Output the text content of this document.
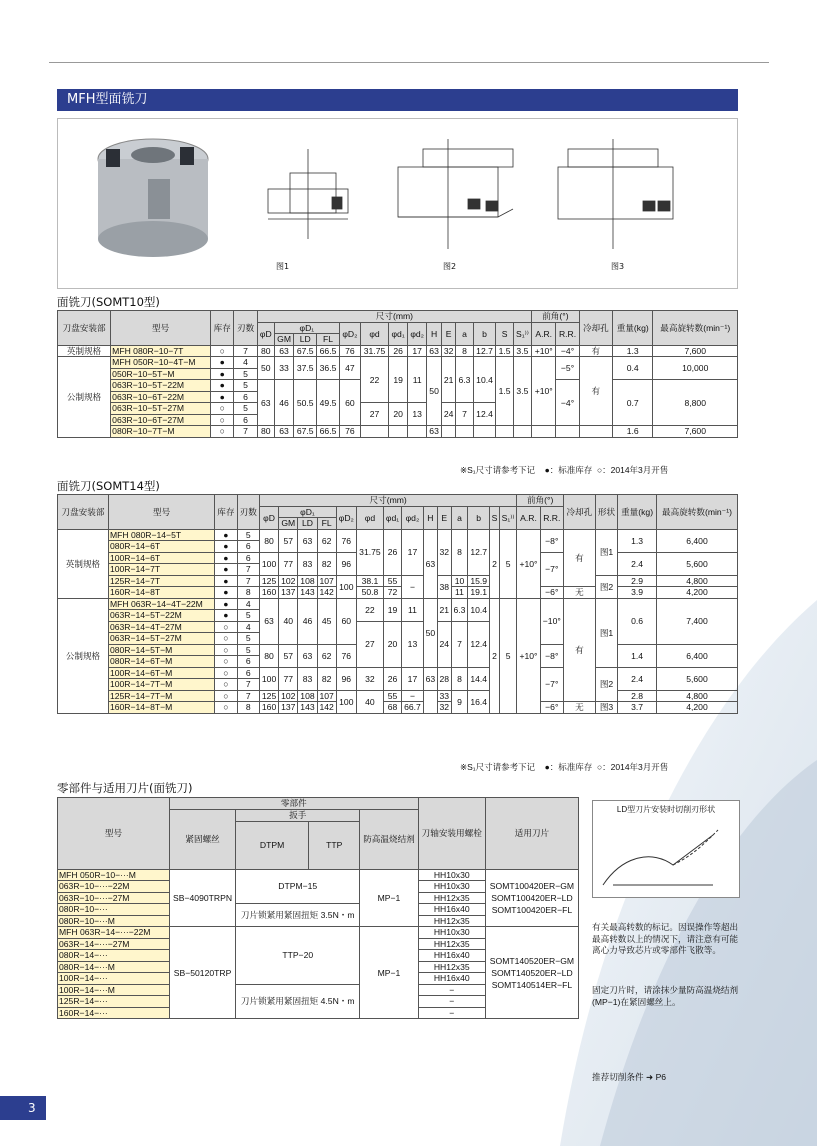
MFH型面铣刀
图1	图2	图3
面铣刀(SOMT10型)
刀盘安装部	型号	库存	刃数	尺寸(mm)														前角(°)		冷却孔	重量(kg)	最高旋转数(min⁻¹)
				φD	φD₁			φD₂	φd	φd₁	φd₂	H	E	a	b	S	S₁⁾⁾	A.R.	R.R.			
					GM	LD	FL															
英制规格	MFH 080R−10−7T	○	7	80	63	67.5	66.5	76	31.75	26	17	63	32	8	12.7	1.5	3.5	+10°	−4°	有	1.3	7,600
公制规格	MFH 050R−10−4T−M	●	4	50	33	37.5	36.5	47	22	19	11	50	21	6.3	10.4	1.5	3.5	+10°	−5°	有	0.4	10,000
	050R−10−5T−M	●	5																			
	063R−10−5T−22M	●	5	63	46	50.5	49.5	60											−4°		0.7	8,800
	063R−10−6T−22M	●	6																			
	063R−10−5T−27M	○	5						27	20	13		24	7	12.4							
	063R−10−6T−27M	○	6																			
	080R−10−7T−M	○	7	80	63	67.5	66.5	76				63									1.6	7,600
※S₁尺寸请参考下记 ●：标准库存 ○：2014年3月开售
面铣刀(SOMT14型)
刀盘安装部	型号	库存	刃数	尺寸(mm)														前角(°)		冷却孔	形状	重量(kg)	最高旋转数(min⁻¹)
				φD	φD₁			φD₂	φd	φd₁	φd₂	H	E	a	b	S	S₁⁾⁾	A.R.	R.R.				
					GM	LD	FL																
英制规格	MFH 080R−14−5T	●	5	80	57	63	62	76	31.75	26	17	63	32	8	12.7	2	5	+10°	−8°	有	图1	1.3	6,400
	080R−14−6T	●	6																				
	100R−14−6T	●	6	100	77	83	82	96											−7°			2.4	5,600
	100R−14−7T	●	7																				
	125R−14−7T	●	7	125	102	108	107	100	38.1	55	−		38	10	15.9						图2	2.9	4,800
	160R−14−8T	●	8	160	137	143	142		50.8	72				11	19.1				−6°	无		3.9	4,200
公制规格	MFH 063R−14−4T−22M	●	4	63	40	46	45	60	22	19	11	50	21	6.3	10.4	2	5	+10°	−10°	有	图1	0.6	7,400
	063R−14−5T−22M	●	5																				
	063R−14−4T−27M	○	4						27	20	13		24	7	12.4								
	063R−14−5T−27M	○	5																				
	080R−14−5T−M	○	5	80	57	63	62	76											−8°			1.4	6,400
	080R−14−6T−M	○	6																				
	100R−14−6T−M	○	6	100	77	83	82	96	32	26	17	63	28	8	14.4				−7°		图2	2.4	5,600
	100R−14−7T−M	○	7																				
	125R−14−7T−M	○	7	125	102	108	107	100	40	55	−		33	9	16.4							2.8	4,800
	160R−14−8T−M	○	8	160	137	143	142			68	66.7		32						−6°	无	图3	3.7	4,200
※S₁尺寸请参考下记 ●：标准库存 ○：2014年3月开售
零部件与适用刀片(面铣刀)
型号	零部件				刀轴安装用螺栓	适用刀片
	紧固螺丝	扳手		防高温烧结剂		
		DTPM	TTP			
MFH 050R−10−···M	SB−4090TRPN	DTPM−15		MP−1	HH10x30	SOMT100420ER−GM
SOMT100420ER−LD
SOMT100420ER−FL
063R−10−···−22M					HH10x30	
063R−10−···−27M					HH12x35	
080R−10−···		刀片锁紧用紧固扭矩 3.5N・m			HH16x40	
080R−10−···M					HH12x35	
MFH 063R−14−···−22M	SB−50120TRP	TTP−20		MP−1	HH10x30	SOMT140520ER−GM
SOMT140520ER−LD
SOMT140514ER−FL
063R−14−···−27M					HH12x35	
080R−14−···					HH16x40	
080R−14−···M					HH12x35	
100R−14−···					HH16x40	
100R−14−···M		刀片锁紧用紧固扭矩 4.5N・m			−	
125R−14−···					−	
160R−14−···					−	
LD型刀片安装时切削刃形状
有关最高转数的标记。因误操作等超出最高转数以上的情况下，请注意有可能离心力导致芯片或零部件飞散等。
固定刀片时，请涂抹少量防高温烧结剂(MP−1)在紧固螺丝上。
推荐切削条件 ➜ P6
3
